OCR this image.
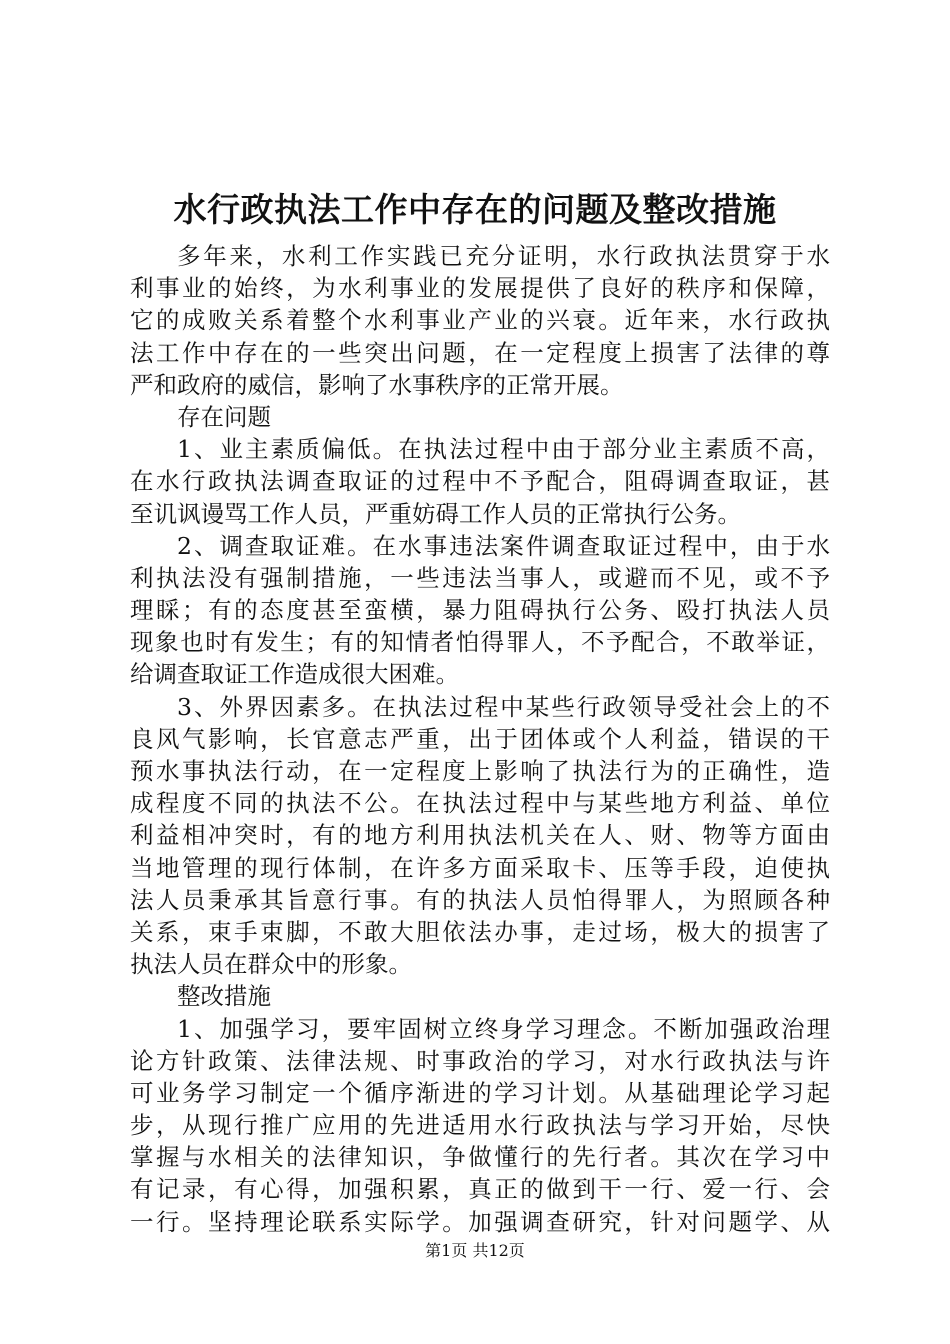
水行政执法工作中存在的问题及整改措施
多年来，水利工作实践已充分证明，水行政执法贯穿于水
利事业的始终，为水利事业的发展提供了良好的秩序和保障，
它的成败关系着整个水利事业产业的兴衰。近年来，水行政执
法工作中存在的一些突出问题，在一定程度上损害了法律的尊
严和政府的威信，影响了水事秩序的正常开展。
存在问题
1、业主素质偏低。在执法过程中由于部分业主素质不高，
在水行政执法调查取证的过程中不予配合，阻碍调查取证，甚
至讥讽谩骂工作人员，严重妨碍工作人员的正常执行公务。
2、调查取证难。在水事违法案件调查取证过程中，由于水
利执法没有强制措施，一些违法当事人，或避而不见，或不予
理睬；有的态度甚至蛮横，暴力阻碍执行公务、殴打执法人员
现象也时有发生；有的知情者怕得罪人，不予配合，不敢举证，
给调查取证工作造成很大困难。
3、外界因素多。在执法过程中某些行政领导受社会上的不
良风气影响，长官意志严重，出于团体或个人利益，错误的干
预水事执法行动，在一定程度上影响了执法行为的正确性，造
成程度不同的执法不公。在执法过程中与某些地方利益、单位
利益相冲突时，有的地方利用执法机关在人、财、物等方面由
当地管理的现行体制，在许多方面采取卡、压等手段，迫使执
法人员秉承其旨意行事。有的执法人员怕得罪人，为照顾各种
关系，束手束脚，不敢大胆依法办事，走过场，极大的损害了
执法人员在群众中的形象。
整改措施
1、加强学习，要牢固树立终身学习理念。不断加强政治理
论方针政策、法律法规、时事政治的学习，对水行政执法与许
可业务学习制定一个循序渐进的学习计划。从基础理论学习起
步，从现行推广应用的先进适用水行政执法与学习开始，尽快
掌握与水相关的法律知识，争做懂行的先行者。其次在学习中
有记录，有心得，加强积累，真正的做到干一行、爱一行、会
一行。坚持理论联系实际学。加强调查研究，针对问题学、从
第1页 共12页
